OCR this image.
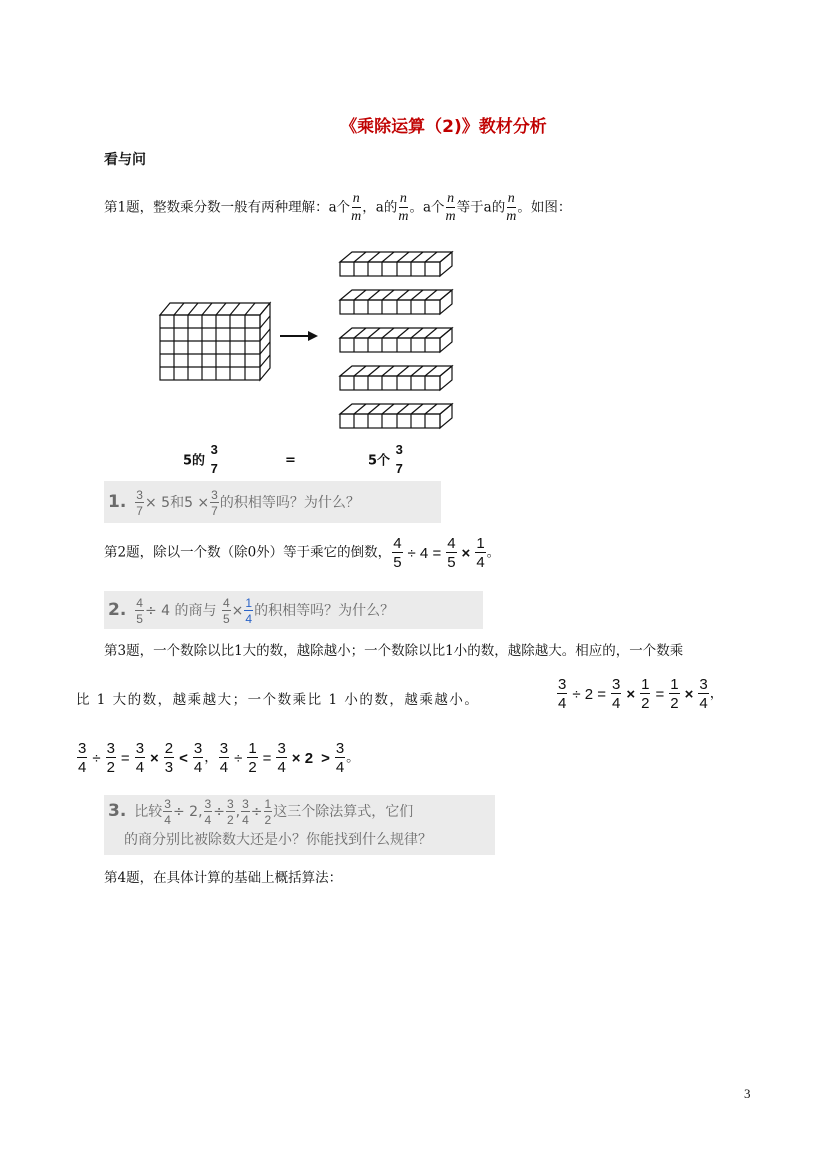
《乘除运算（2)》教材分析
看与问
第1题，整数乘分数一般有两种理解：a个 $\frac{n}{m}$ ，a的 $\frac{n}{m}$ 。a个 $\frac{n}{m}$ 等于a的 $\frac{n}{m}$ 。如图：
5的
3
7
=	5个
3
7
1. $\frac{3}{7} \times 5$和$5 \times \frac{3}{7}$ 的积相等吗？为什么？
第2题，除以一个数（除0外）等于乘它的倒数， $\frac{4}{5} \div 4 = \frac{4}{5} \times \frac{1}{4}$ 。
2. $\frac{4}{5} \div 4$ 的商与 $\frac{4}{5} \times \frac{1}{4}$ 的积相等吗？为什么？
第3题，一个数除以比1大的数，越除越小；一个数除以比1小的数，越除越大。相应的，一个数乘
比 1 大的数，越乘越大；一个数乘比 1 小的数，越乘越小。	$\frac{3}{4} \div 2 = \frac{3}{4} \times \frac{1}{2} = \frac{1}{2} \times \frac{3}{4}$ ，
$\frac{3}{4} \div \frac{3}{2} = \frac{3}{4} \times \frac{2}{3} < \frac{3}{4}$ ， $\frac{3}{4} \div \frac{1}{2} = \frac{3}{4} \times 2 > \frac{3}{4}$ 。
3. 比较 $\frac{3}{4} \div 2$, $\frac{3}{4} \div \frac{3}{2}$ , $\frac{3}{4} \div \frac{1}{2}$ 这三个除法算式，它们
的商分别比被除数大还是小？你能找到什么规律？
第4题，在具体计算的基础上概括算法：
3
